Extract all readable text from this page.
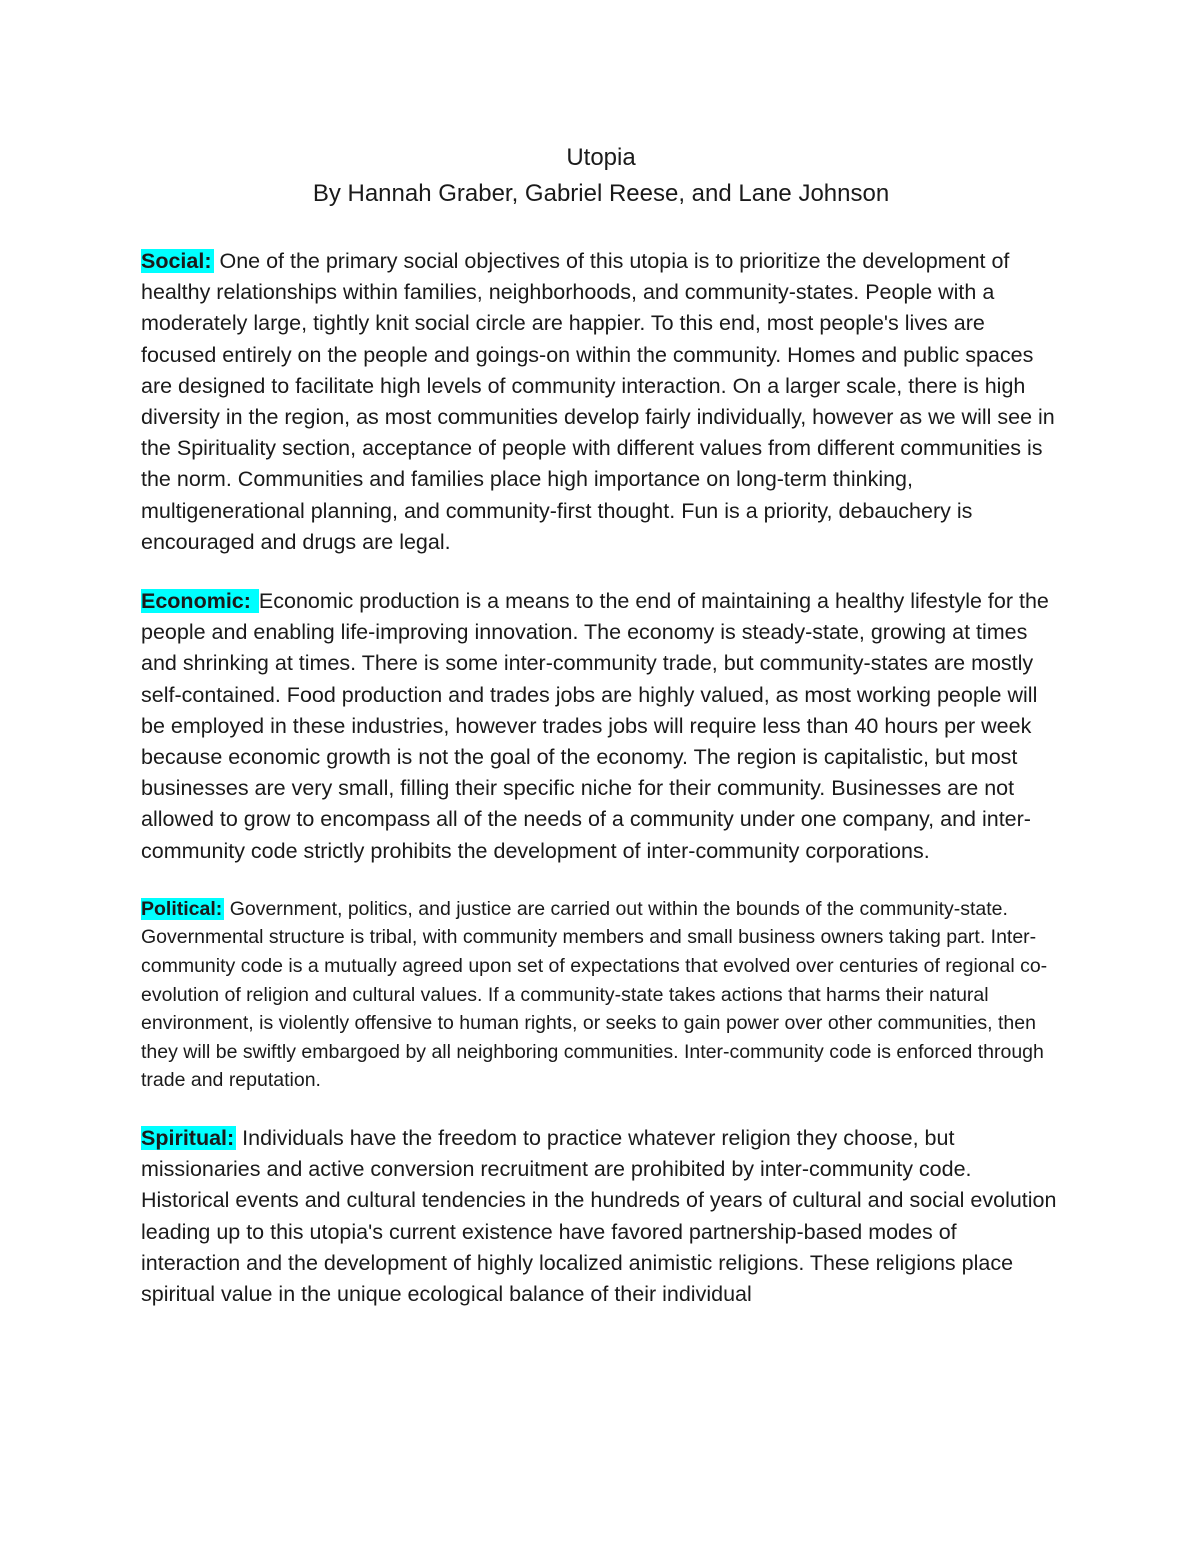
Utopia

By Hannah Graber, Gabriel Reese, and Lane Johnson

Social: One of the primary social objectives of this utopia is to prioritize the development of healthy relationships within families, neighborhoods, and community-states. People with a moderately large, tightly knit social circle are happier. To this end, most people's lives are focused entirely on the people and goings-on within the community. Homes and public spaces are designed to facilitate high levels of community interaction. On a larger scale, there is high diversity in the region, as most communities develop fairly individually, however as we will see in the Spirituality section, acceptance of people with different values from different communities is the norm. Communities and families place high importance on long-term thinking, multigenerational planning, and community-first thought. Fun is a priority, debauchery is encouraged and drugs are legal.

Economic: Economic production is a means to the end of maintaining a healthy lifestyle for the people and enabling life-improving innovation. The economy is steady-state, growing at times and shrinking at times. There is some inter-community trade, but community-states are mostly self-contained. Food production and trades jobs are highly valued, as most working people will be employed in these industries, however trades jobs will require less than 40 hours per week because economic growth is not the goal of the economy. The region is capitalistic, but most businesses are very small, filling their specific niche for their community. Businesses are not allowed to grow to encompass all of the needs of a community under one company, and inter-community code strictly prohibits the development of inter-community corporations.

Political: Government, politics, and justice are carried out within the bounds of the community-state. Governmental structure is tribal, with community members and small business owners taking part. Inter-community code is a mutually agreed upon set of expectations that evolved over centuries of regional co-evolution of religion and cultural values. If a community-state takes actions that harms their natural environment, is violently offensive to human rights, or seeks to gain power over other communities, then they will be swiftly embargoed by all neighboring communities. Inter-community code is enforced through trade and reputation.

Spiritual: Individuals have the freedom to practice whatever religion they choose, but missionaries and active conversion recruitment are prohibited by inter-community code. Historical events and cultural tendencies in the hundreds of years of cultural and social evolution leading up to this utopia's current existence have favored partnership-based modes of interaction and the development of highly localized animistic religions. These religions place spiritual value in the unique ecological balance of their individual
